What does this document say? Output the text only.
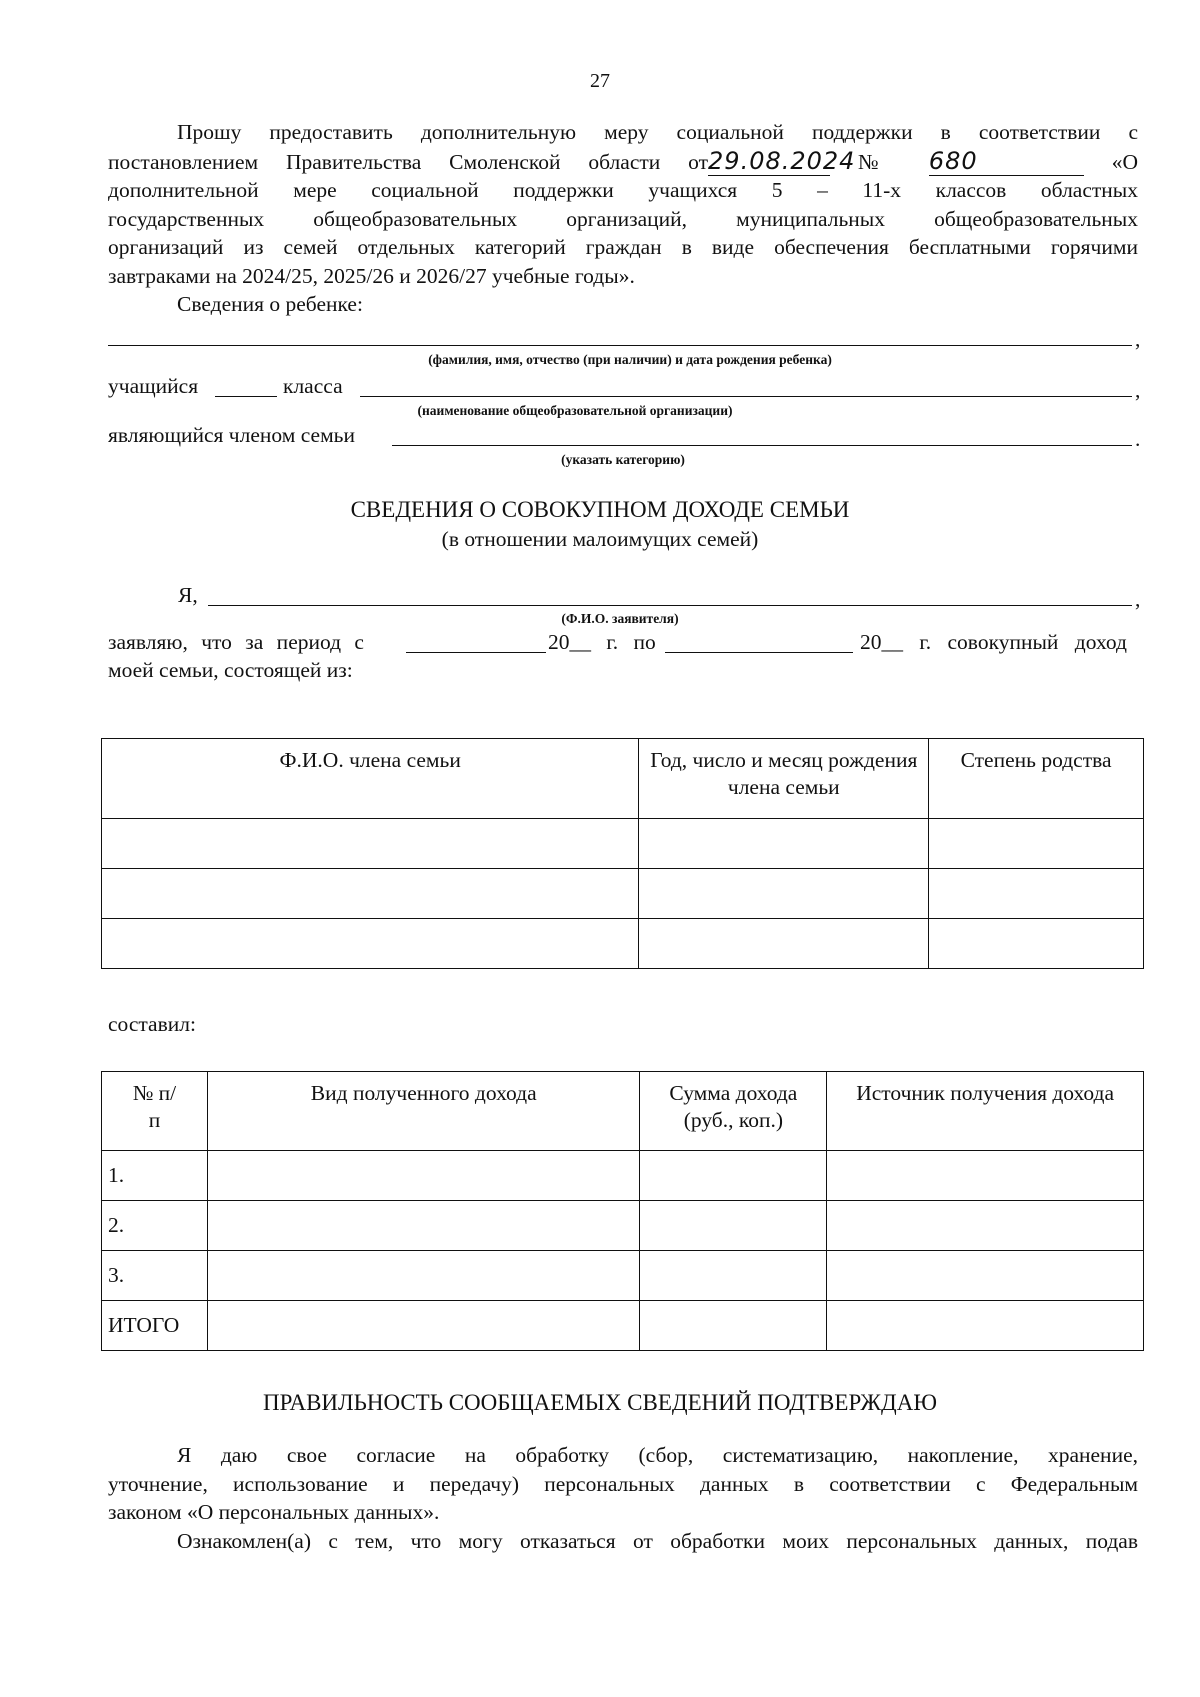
27
Прошу предоставить дополнительную меру социальной поддержки в соответствии с
постановлением Правительства Смоленской области от29.08.2024 № 680	«О
дополнительной мере социальной поддержки учащихся 5 – 11-х классов областных
государственных общеобразовательных организаций, муниципальных общеобразовательных
организаций из семей отдельных категорий граждан в виде обеспечения бесплатными горячими
завтраками на 2024/25, 2025/26 и 2026/27 учебные годы».
Сведения о ребенке:
,
(фамилия, имя, отчество (при наличии) и дата рождения ребенка)
учащийся	класса	,
(наименование общеобразовательной организации)
являющийся членом семьи	.
(указать категорию)
СВЕДЕНИЯ О СОВОКУПНОМ ДОХОДЕ СЕМЬИ
(в отношении малоимущих семей)
Я,	,
(Ф.И.О. заявителя)
заявляю, что за период с	20__ г. по	20__ г. совокупный доход
моей семьи, состоящей из:
Ф.И.О. члена семьи	Год, число и месяц рождения члена семьи	Степень родства

составил:
№ п/п	Вид полученного дохода	Сумма дохода (руб., коп.)	Источник получения дохода
1.			
2.			
3.			
ИТОГО			
ПРАВИЛЬНОСТЬ СООБЩАЕМЫХ СВЕДЕНИЙ ПОДТВЕРЖДАЮ
Я даю свое согласие на обработку (сбор, систематизацию, накопление, хранение,
уточнение, использование и передачу) персональных данных в соответствии с Федеральным
законом «О персональных данных».
Ознакомлен(а) с тем, что могу отказаться от обработки моих персональных данных, подав
